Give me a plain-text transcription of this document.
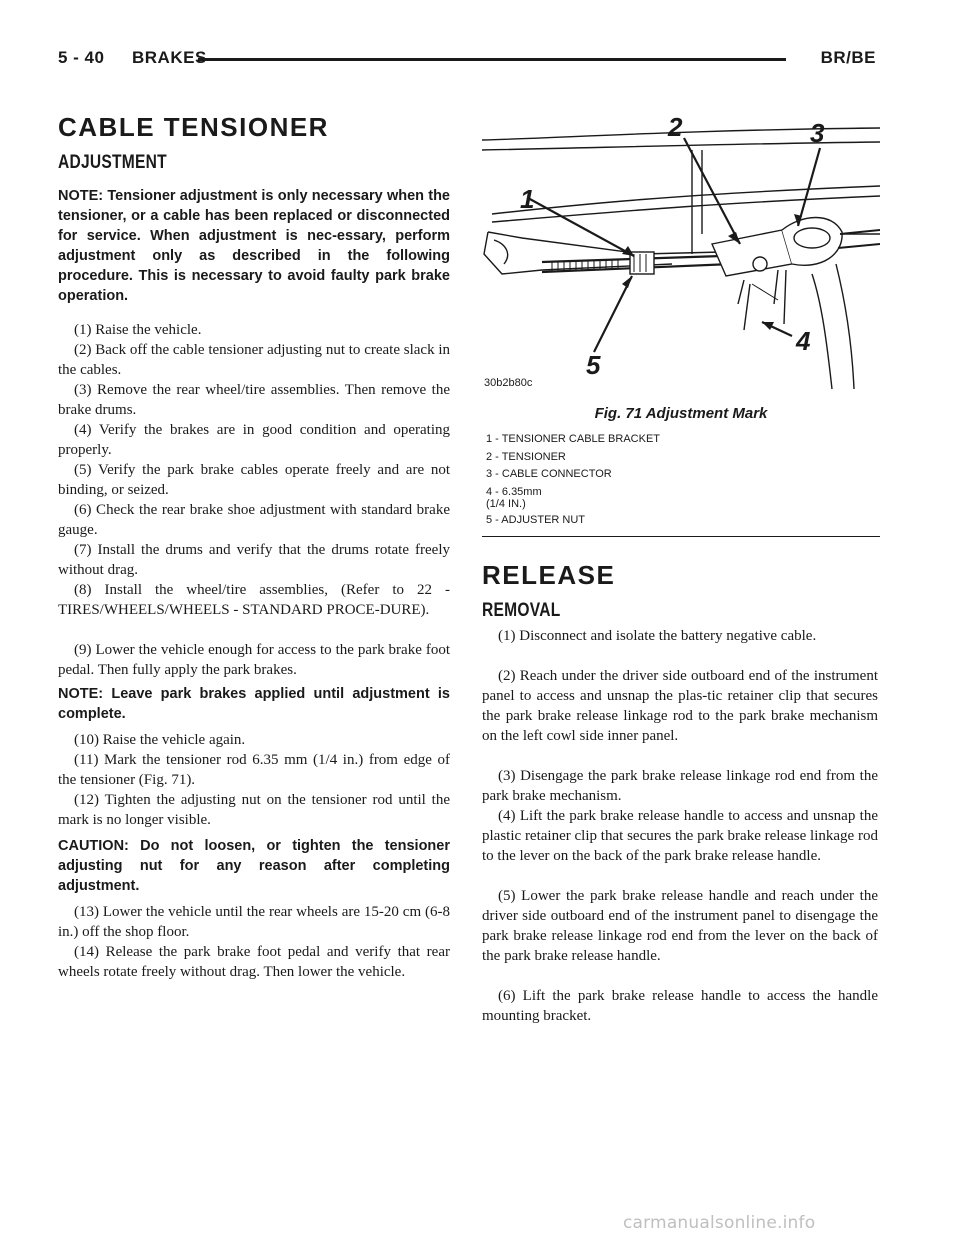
5 - 40 BRAKES	BR/BE
CABLE TENSIONER
ADJUSTMENT
NOTE: Tensioner adjustment is only necessary when the tensioner, or a cable has been replaced or disconnected for service. When adjustment is nec-essary, perform adjustment only as described in the following procedure. This is necessary to avoid faulty park brake operation.
(1) Raise the vehicle.
(2) Back off the cable tensioner adjusting nut to create slack in the cables.
(3) Remove the rear wheel/tire assemblies. Then remove the brake drums.
(4) Verify the brakes are in good condition and operating properly.
(5) Verify the park brake cables operate freely and are not binding, or seized.
(6) Check the rear brake shoe adjustment with standard brake gauge.
(7) Install the drums and verify that the drums rotate freely without drag.
(8) Install the wheel/tire assemblies, (Refer to 22 - TIRES/WHEELS/WHEELS - STANDARD PROCE-DURE).
(9) Lower the vehicle enough for access to the park brake foot pedal. Then fully apply the park brakes.
NOTE: Leave park brakes applied until adjustment is complete.
(10) Raise the vehicle again.
(11) Mark the tensioner rod 6.35 mm (1/4 in.) from edge of the tensioner (Fig. 71).
(12) Tighten the adjusting nut on the tensioner rod until the mark is no longer visible.
CAUTION: Do not loosen, or tighten the tensioner adjusting nut for any reason after completing adjustment.
(13) Lower the vehicle until the rear wheels are 15-20 cm (6-8 in.) off the shop floor.
(14) Release the park brake foot pedal and verify that rear wheels rotate freely without drag. Then lower the vehicle.
1
2	3
4
5
30b2b80c
Fig. 71 Adjustment Mark
1 - TENSIONER CABLE BRACKET
2 - TENSIONER
3 - CABLE CONNECTOR
4 - 6.35mm
(1/4 IN.)
5 - ADJUSTER NUT
RELEASE
REMOVAL
(1) Disconnect and isolate the battery negative cable.
(2) Reach under the driver side outboard end of the instrument panel to access and unsnap the plas-tic retainer clip that secures the park brake release linkage rod to the park brake mechanism on the left cowl side inner panel.
(3) Disengage the park brake release linkage rod end from the park brake mechanism.
(4) Lift the park brake release handle to access and unsnap the plastic retainer clip that secures the park brake release linkage rod to the lever on the back of the park brake release handle.
(5) Lower the park brake release handle and reach under the driver side outboard end of the instrument panel to disengage the park brake release linkage rod end from the lever on the back of the park brake release handle.
(6) Lift the park brake release handle to access the handle mounting bracket.
carmanualsonline.info
